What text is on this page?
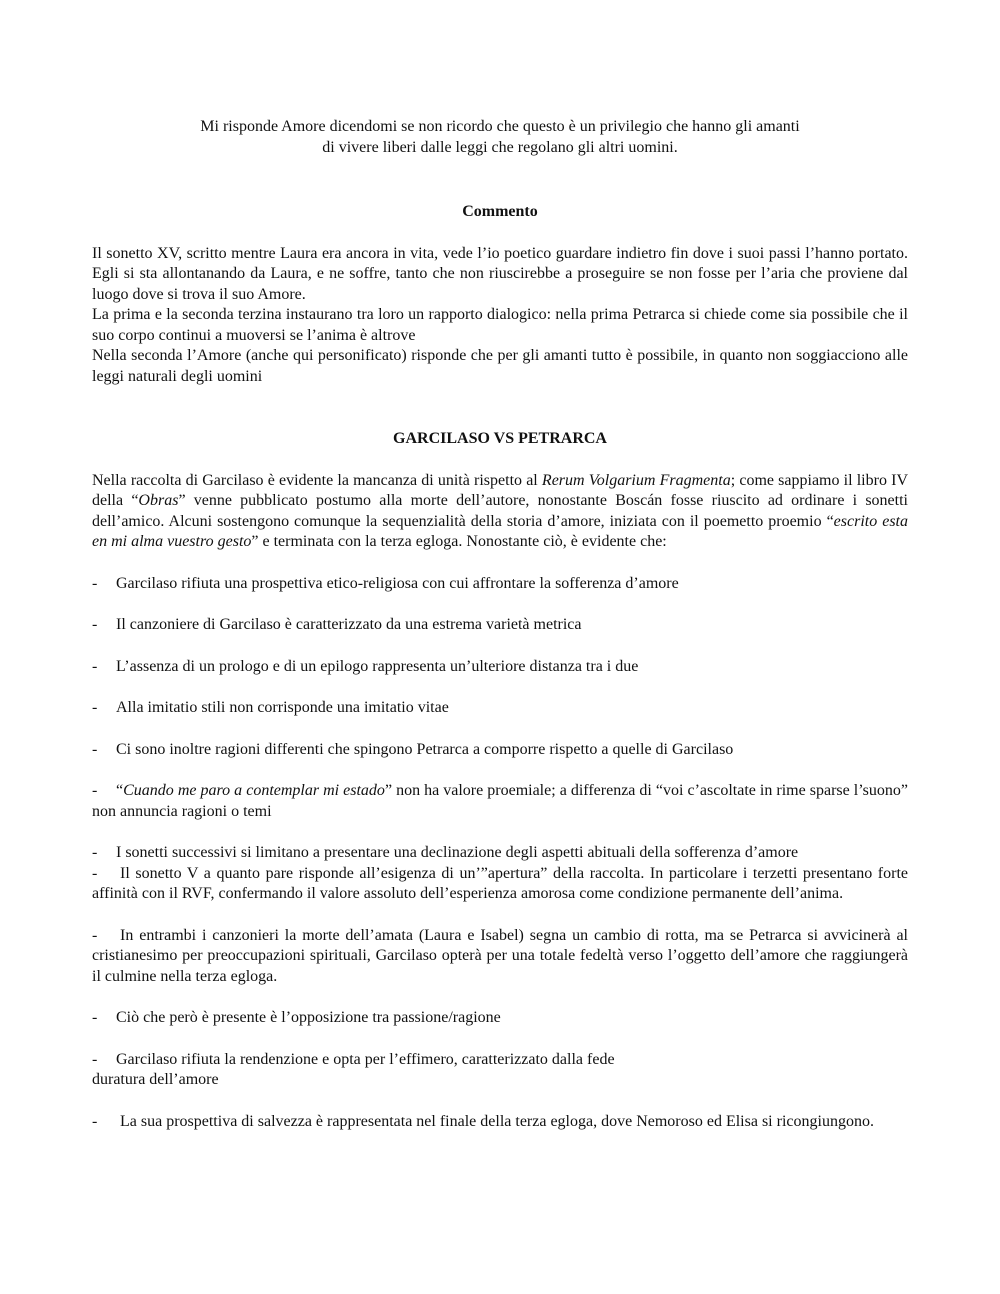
Mi risponde Amore dicendomi se non ricordo che questo è un privilegio che hanno gli amanti
di vivere liberi dalle leggi che regolano gli altri uomini.
Commento

Il sonetto XV, scritto mentre Laura era ancora in vita, vede l’io poetico guardare indietro fin dove i suoi passi l’hanno portato. Egli si sta allontanando da Laura, e ne soffre, tanto che non riuscirebbe a proseguire se non fosse per l’aria che proviene dal luogo dove si trova il suo Amore.

La prima e la seconda terzina instaurano tra loro un rapporto dialogico: nella prima Petrarca si chiede come sia possibile che il suo corpo continui a muoversi se l’anima è altrove

Nella seconda l’Amore (anche qui personificato) risponde che per gli amanti tutto è possibile, in quanto non soggiacciono alle leggi naturali degli uomini

GARCILASO VS PETRARCA

Nella raccolta di Garcilaso è evidente la mancanza di unità rispetto al Rerum Volgarium Fragmenta; come sappiamo il libro IV della “Obras” venne pubblicato postumo alla morte dell’autore, nonostante Boscán fosse riuscito ad ordinare i sonetti dell’amico. Alcuni sostengono comunque la sequenzialità della storia d’amore, iniziata con il poemetto proemio “escrito esta en mi alma vuestro gesto” e terminata con la terza egloga. Nonostante ciò, è evidente che:

- Garcilaso rifiuta una prospettiva etico-religiosa con cui affrontare la sofferenza d’amore

- Il canzoniere di Garcilaso è caratterizzato da una estrema varietà metrica

- L’assenza di un prologo e di un epilogo rappresenta un’ulteriore distanza tra i due

- Alla imitatio stili non corrisponde una imitatio vitae

- Ci sono inoltre ragioni differenti che spingono Petrarca a comporre rispetto a quelle di Garcilaso

- “Cuando me paro a contemplar mi estado” non ha valore proemiale; a differenza di “voi c’ascoltate in rime sparse l’suono” non annuncia ragioni o temi

- I sonetti successivi si limitano a presentare una declinazione degli aspetti abituali della sofferenza d’amore

- Il sonetto V a quanto pare risponde all’esigenza di un’”apertura” della raccolta. In particolare i terzetti presentano forte affinità con il RVF, confermando il valore assoluto dell’esperienza amorosa come condizione permanente dell’anima.

- In entrambi i canzonieri la morte dell’amata (Laura e Isabel) segna un cambio di rotta, ma se Petrarca si avvicinerà al cristianesimo per preoccupazioni spirituali, Garcilaso opterà per una totale fedeltà verso l’oggetto dell’amore che raggiungerà il culmine nella terza egloga.

- Ciò che però è presente è l’opposizione tra passione/ragione

- Garcilaso rifiuta la rendenzione e opta per l’effimero, caratterizzato dalla fede
duratura dell’amore

- La sua prospettiva di salvezza è rappresentata nel finale della terza egloga, dove Nemoroso ed Elisa si ricongiungono.
